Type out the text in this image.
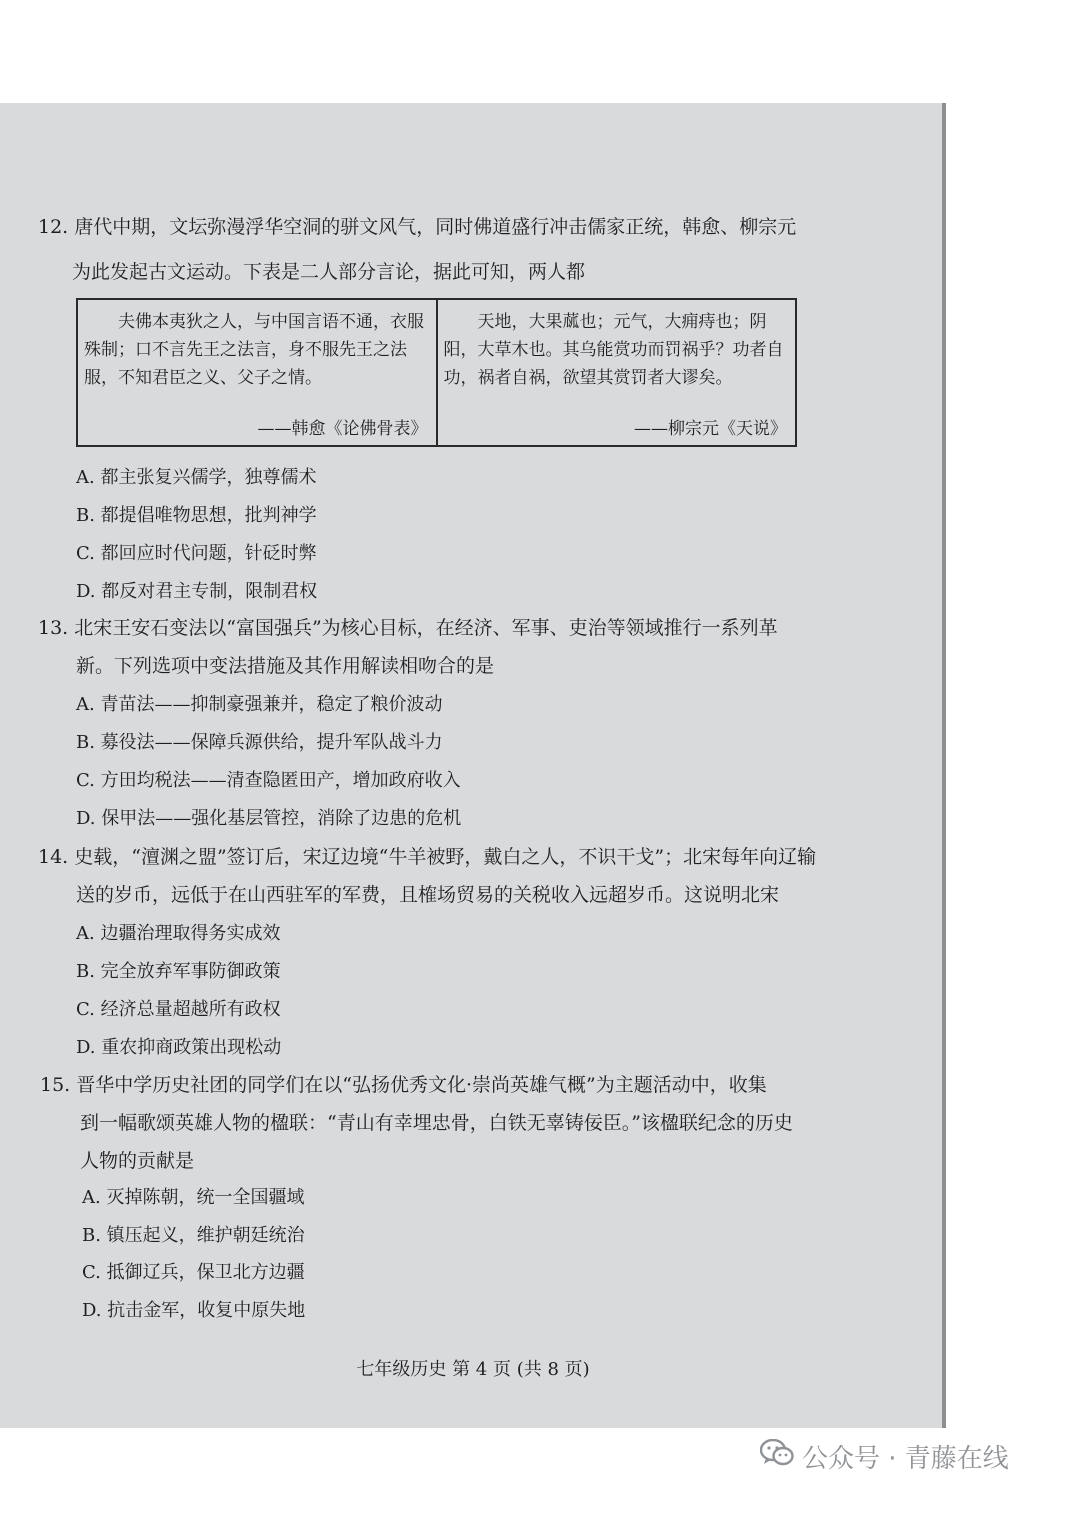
12. 唐代中期，文坛弥漫浮华空洞的骈文风气，同时佛道盛行冲击儒家正统，韩愈、柳宗元
为此发起古文运动。下表是二人部分言论，据此可知，两人都
夫佛本夷狄之人，与中国言语不通，衣服殊制；口不言先王之法言，身不服先王之法服，不知君臣之义、父子之情。
——韩愈《论佛骨表》
天地，大果蓏也；元气，大痈痔也；阴阳，大草木也。其乌能赏功而罚祸乎？功者自功，祸者自祸，欲望其赏罚者大谬矣。
——柳宗元《天说》
A. 都主张复兴儒学，独尊儒术
B. 都提倡唯物思想，批判神学
C. 都回应时代问题，针砭时弊
D. 都反对君主专制，限制君权
13. 北宋王安石变法以“富国强兵”为核心目标，在经济、军事、吏治等领域推行一系列革
新。下列选项中变法措施及其作用解读相吻合的是
A. 青苗法——抑制豪强兼并，稳定了粮价波动
B. 募役法——保障兵源供给，提升军队战斗力
C. 方田均税法——清查隐匿田产，增加政府收入
D. 保甲法——强化基层管控，消除了边患的危机
14. 史载，“澶渊之盟”签订后，宋辽边境“牛羊被野，戴白之人，不识干戈”；北宋每年向辽输
送的岁币，远低于在山西驻军的军费，且榷场贸易的关税收入远超岁币。这说明北宋
A. 边疆治理取得务实成效
B. 完全放弃军事防御政策
C. 经济总量超越所有政权
D. 重农抑商政策出现松动
15. 晋华中学历史社团的同学们在以“弘扬优秀文化·崇尚英雄气概”为主题活动中，收集
到一幅歌颂英雄人物的楹联：“青山有幸埋忠骨，白铁无辜铸佞臣。”该楹联纪念的历史
人物的贡献是
A. 灭掉陈朝，统一全国疆域
B. 镇压起义，维护朝廷统治
C. 抵御辽兵，保卫北方边疆
D. 抗击金军，收复中原失地
七年级历史 第 4 页 (共 8 页)
公众号 · 青藤在线
